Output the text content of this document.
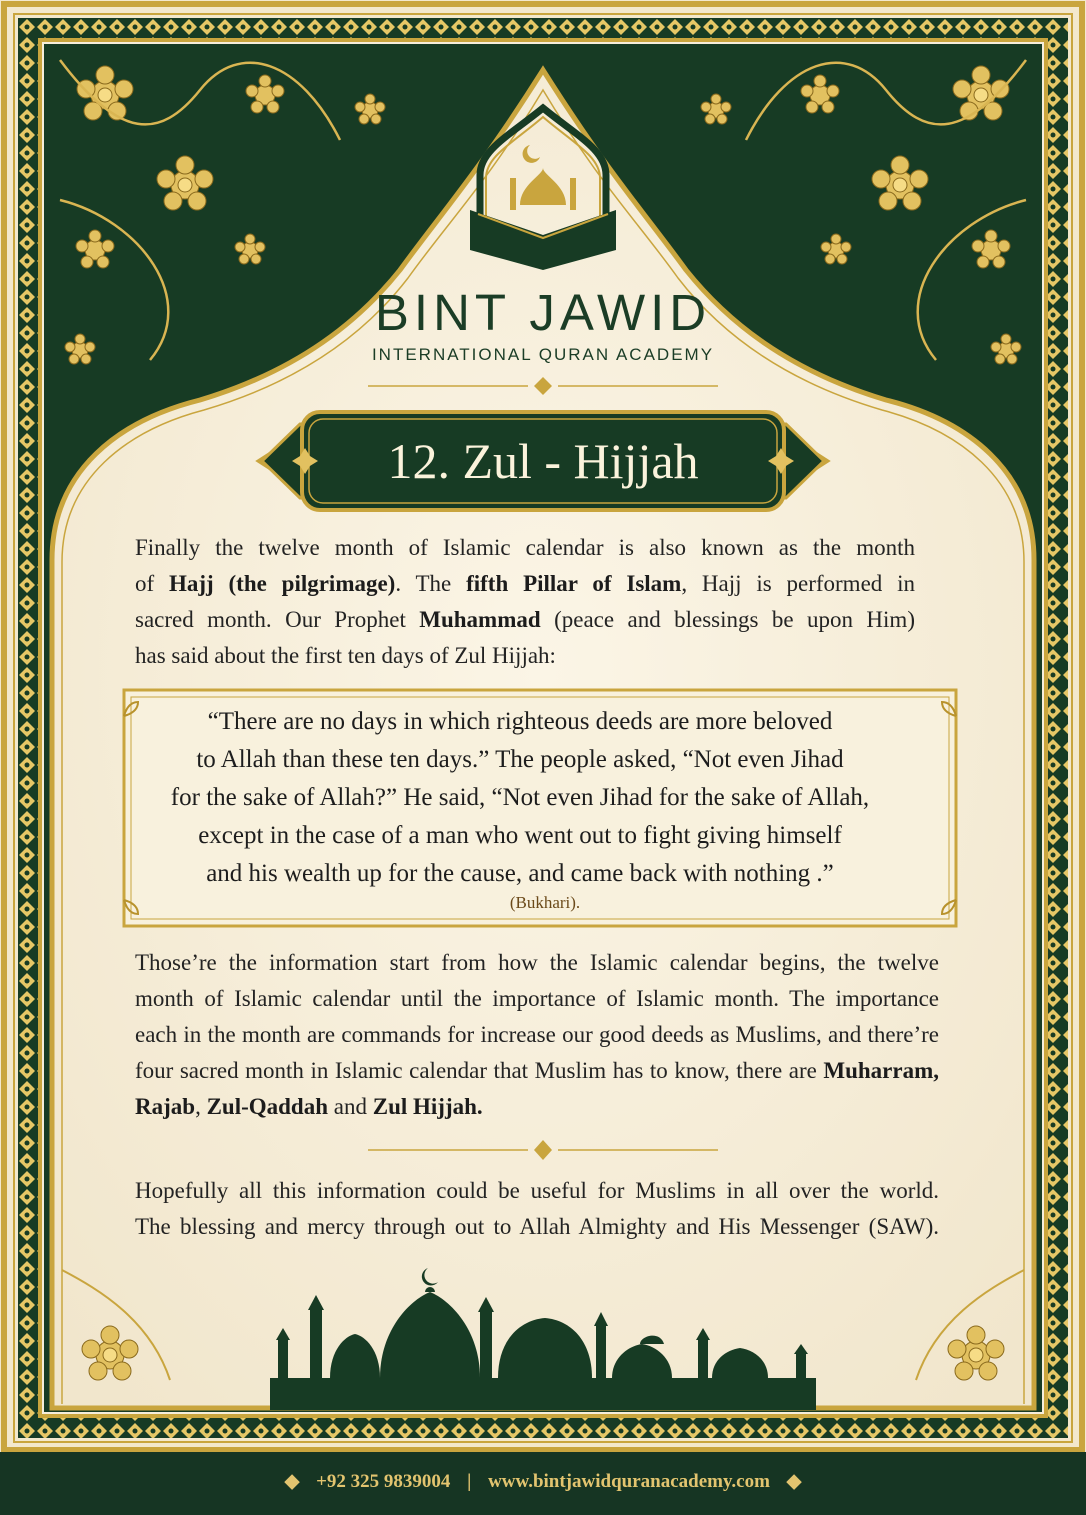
BINT JAWID
INTERNATIONAL QURAN ACADEMY
12. Zul - Hijjah
Finally the twelve month of Islamic calendar is also known as the month
of Hajj (the pilgrimage). The fifth Pillar of Islam, Hajj is performed in
sacred month. Our Prophet Muhammad (peace and blessings be upon Him)
has said about the first ten days of Zul Hijjah:
“There are no days in which righteous deeds are more beloved
to Allah than these ten days.” The people asked, “Not even Jihad
for the sake of Allah?” He said, “Not even Jihad for the sake of Allah,
except in the case of a man who went out to fight giving himself
and his wealth up for the cause, and came back with nothing .”
(Bukhari).
Those’re the information start from how the Islamic calendar begins, the twelve
month of Islamic calendar until the importance of Islamic month. The importance
each in the month are commands for increase our good deeds as Muslims, and there’re
four sacred month in Islamic calendar that Muslim has to know, there are Muharram,
Rajab, Zul-Qaddah and Zul Hijjah.
Hopefully all this information could be useful for Muslims in all over the world.
The blessing and mercy through out to Allah Almighty and His Messenger (SAW).
◆ +92 325 9839004 | www.bintjawidquranacademy.com ◆
